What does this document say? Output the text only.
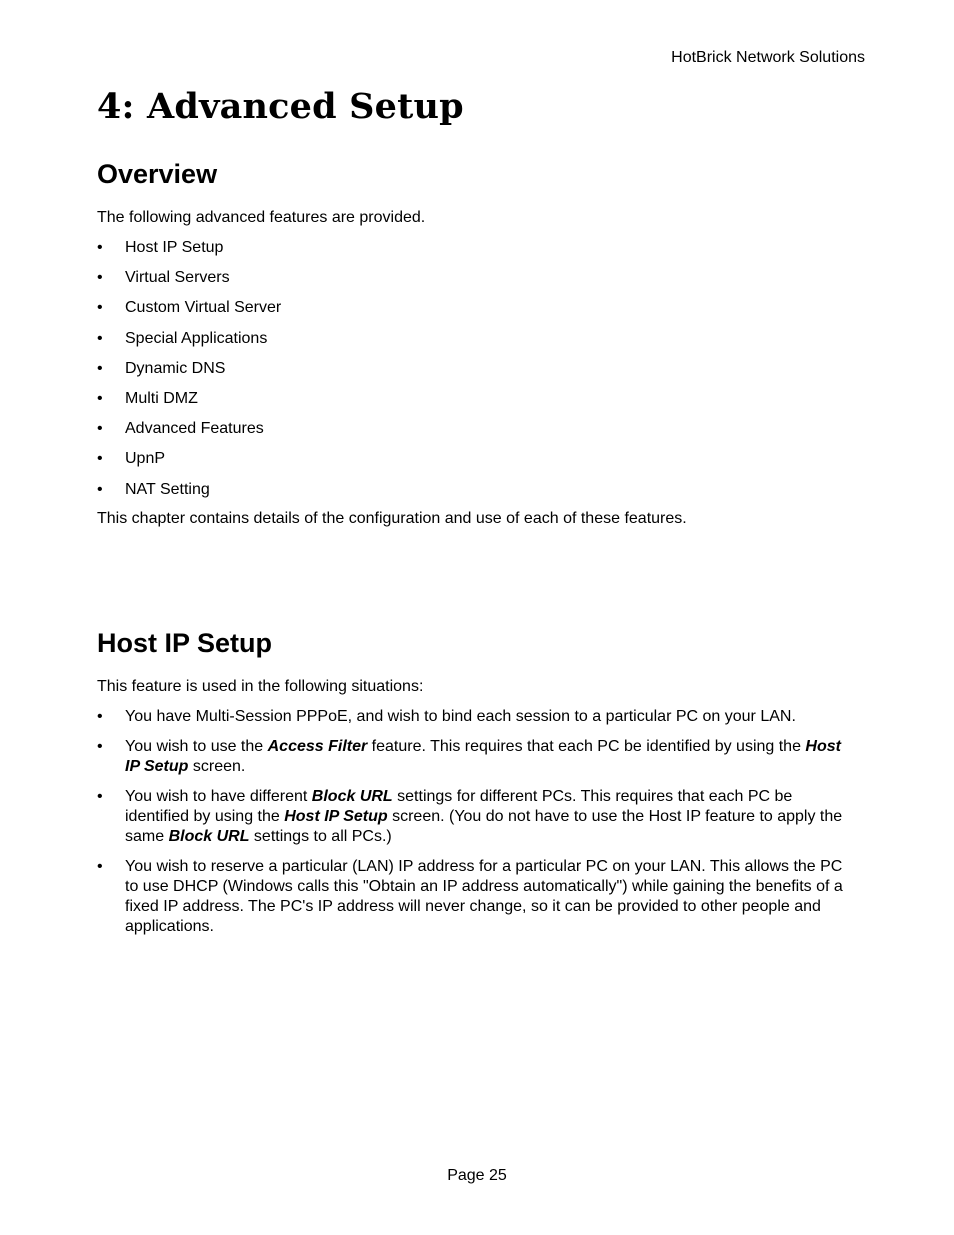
HotBrick Network Solutions
4: Advanced Setup
Overview

The following advanced features are provided.

• Host IP Setup
• Virtual Servers
• Custom Virtual Server
• Special Applications
• Dynamic DNS
• Multi DMZ
• Advanced Features
• UpnP
• NAT Setting

This chapter contains details of the configuration and use of each of these features.

Host IP Setup

This feature is used in the following situations:

• You have Multi-Session PPPoE, and wish to bind each session to a particular PC on your LAN.
• You wish to use the Access Filter feature. This requires that each PC be identified by using the Host IP Setup screen.
• You wish to have different Block URL settings for different PCs. This requires that each PC be identified by using the Host IP Setup screen. (You do not have to use the Host IP feature to apply the same Block URL settings to all PCs.)
• You wish to reserve a particular (LAN) IP address for a particular PC on your LAN. This allows the PC to use DHCP (Windows calls this "Obtain an IP address automatically") while gaining the benefits of a fixed IP address. The PC's IP address will never change, so it can be provided to other people and applications.
Page 25
